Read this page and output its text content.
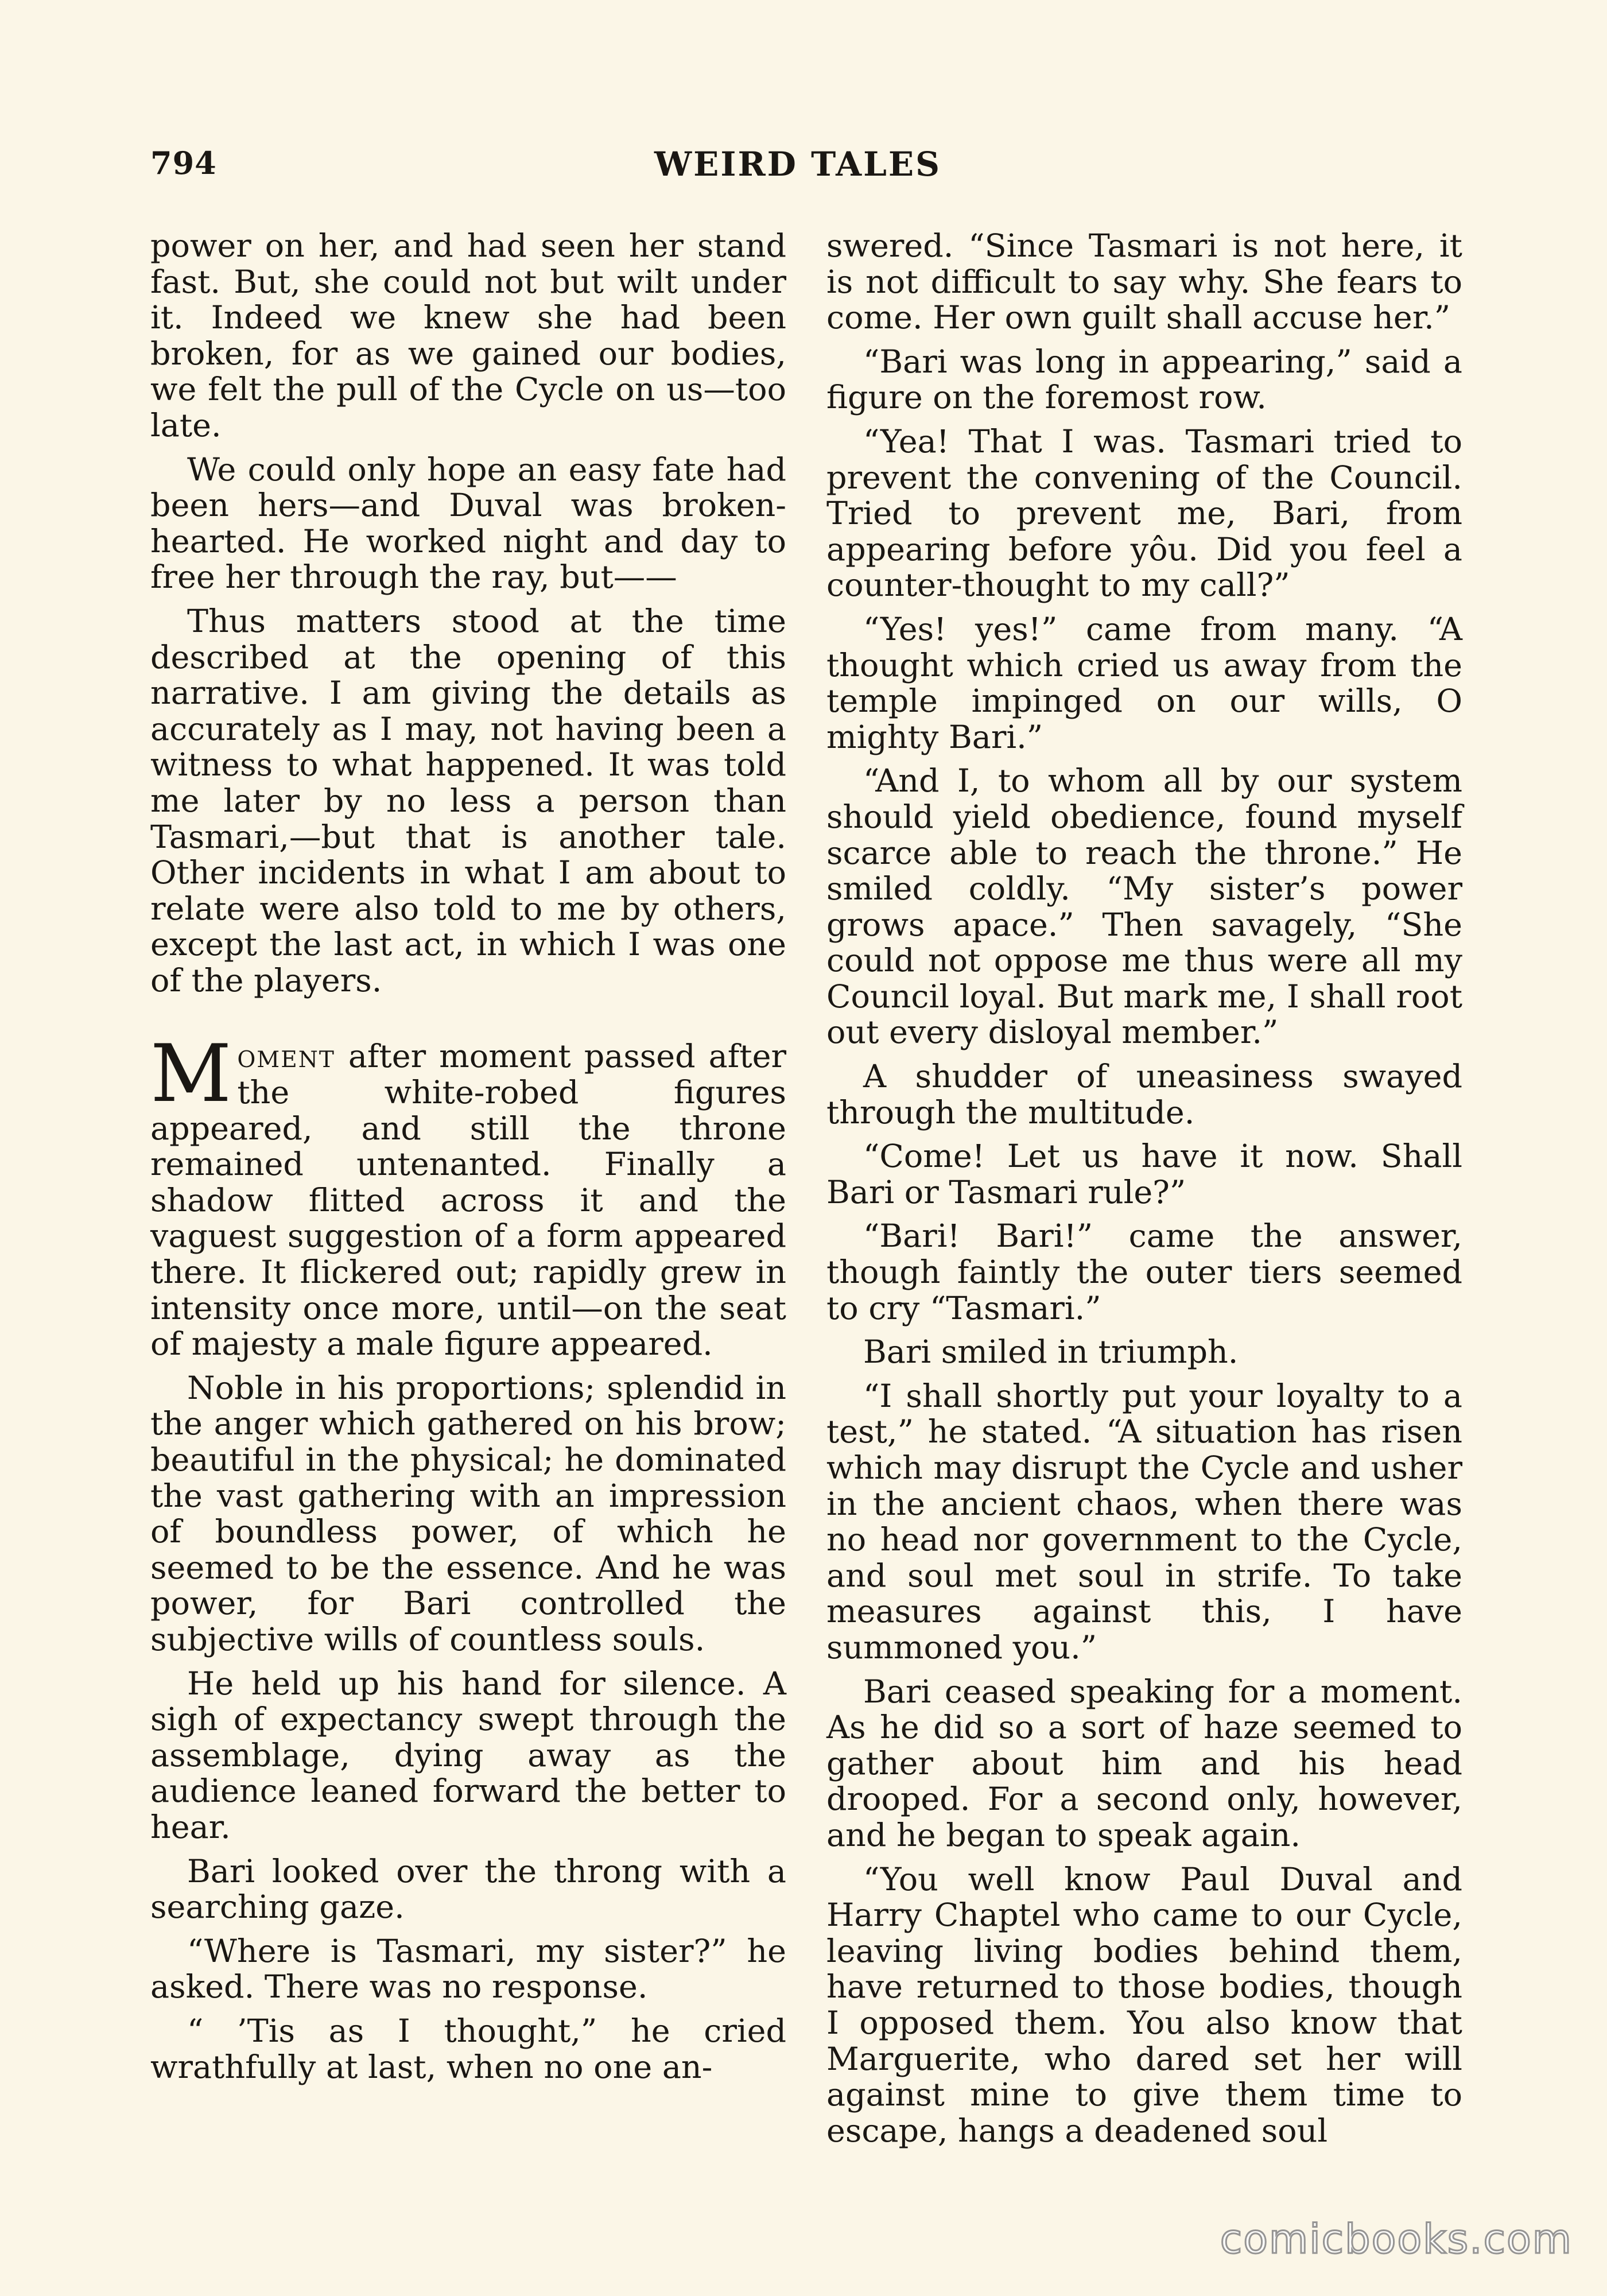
794	WEIRD TALES

power on her, and had seen her stand fast. But, she could not but wilt under it. Indeed we knew she had been broken, for as we gained our bodies, we felt the pull of the Cycle on us—too late.

We could only hope an easy fate had been hers—and Duval was broken-hearted. He worked night and day to free her through the ray, but——

Thus matters stood at the time described at the opening of this narrative. I am giving the details as accurately as I may, not having been a witness to what happened. It was told me later by no less a person than Tasmari,—but that is another tale. Other incidents in what I am about to relate were also told to me by others, except the last act, in which I was one of the players.

Moment after moment passed after the white-robed figures appeared, and still the throne remained untenanted. Finally a shadow flitted across it and the vaguest suggestion of a form appeared there. It flickered out; rapidly grew in intensity once more, until—on the seat of majesty a male figure appeared.

Noble in his proportions; splendid in the anger which gathered on his brow; beautiful in the physical; he dominated the vast gathering with an impression of boundless power, of which he seemed to be the essence. And he was power, for Bari controlled the subjective wills of countless souls.

He held up his hand for silence. A sigh of expectancy swept through the assemblage, dying away as the audience leaned forward the better to hear.

Bari looked over the throng with a searching gaze.

“Where is Tasmari, my sister?” he asked. There was no response.

“ ’Tis as I thought,” he cried wrathfully at last, when no one an-

swered. “Since Tasmari is not here, it is not difficult to say why. She fears to come. Her own guilt shall accuse her.”

“Bari was long in appearing,” said a figure on the foremost row.

“Yea! That I was. Tasmari tried to prevent the convening of the Council. Tried to prevent me, Bari, from appearing before yôu. Did you feel a counter-thought to my call?”

“Yes! yes!” came from many. “A thought which cried us away from the temple impinged on our wills, O mighty Bari.”

“And I, to whom all by our system should yield obedience, found myself scarce able to reach the throne.” He smiled coldly. “My sister’s power grows apace.” Then savagely, “She could not oppose me thus were all my Council loyal. But mark me, I shall root out every disloyal member.”

A shudder of uneasiness swayed through the multitude.

“Come! Let us have it now. Shall Bari or Tasmari rule?”

“Bari! Bari!” came the answer, though faintly the outer tiers seemed to cry “Tasmari.”

Bari smiled in triumph.

“I shall shortly put your loyalty to a test,” he stated. “A situation has risen which may disrupt the Cycle and usher in the ancient chaos, when there was no head nor government to the Cycle, and soul met soul in strife. To take measures against this, I have summoned you.”

Bari ceased speaking for a moment. As he did so a sort of haze seemed to gather about him and his head drooped. For a second only, however, and he began to speak again.

“You well know Paul Duval and Harry Chaptel who came to our Cycle, leaving living bodies behind them, have returned to those bodies, though I opposed them. You also know that Marguerite, who dared set her will against mine to give them time to escape, hangs a deadened soul

comicbooks.com
